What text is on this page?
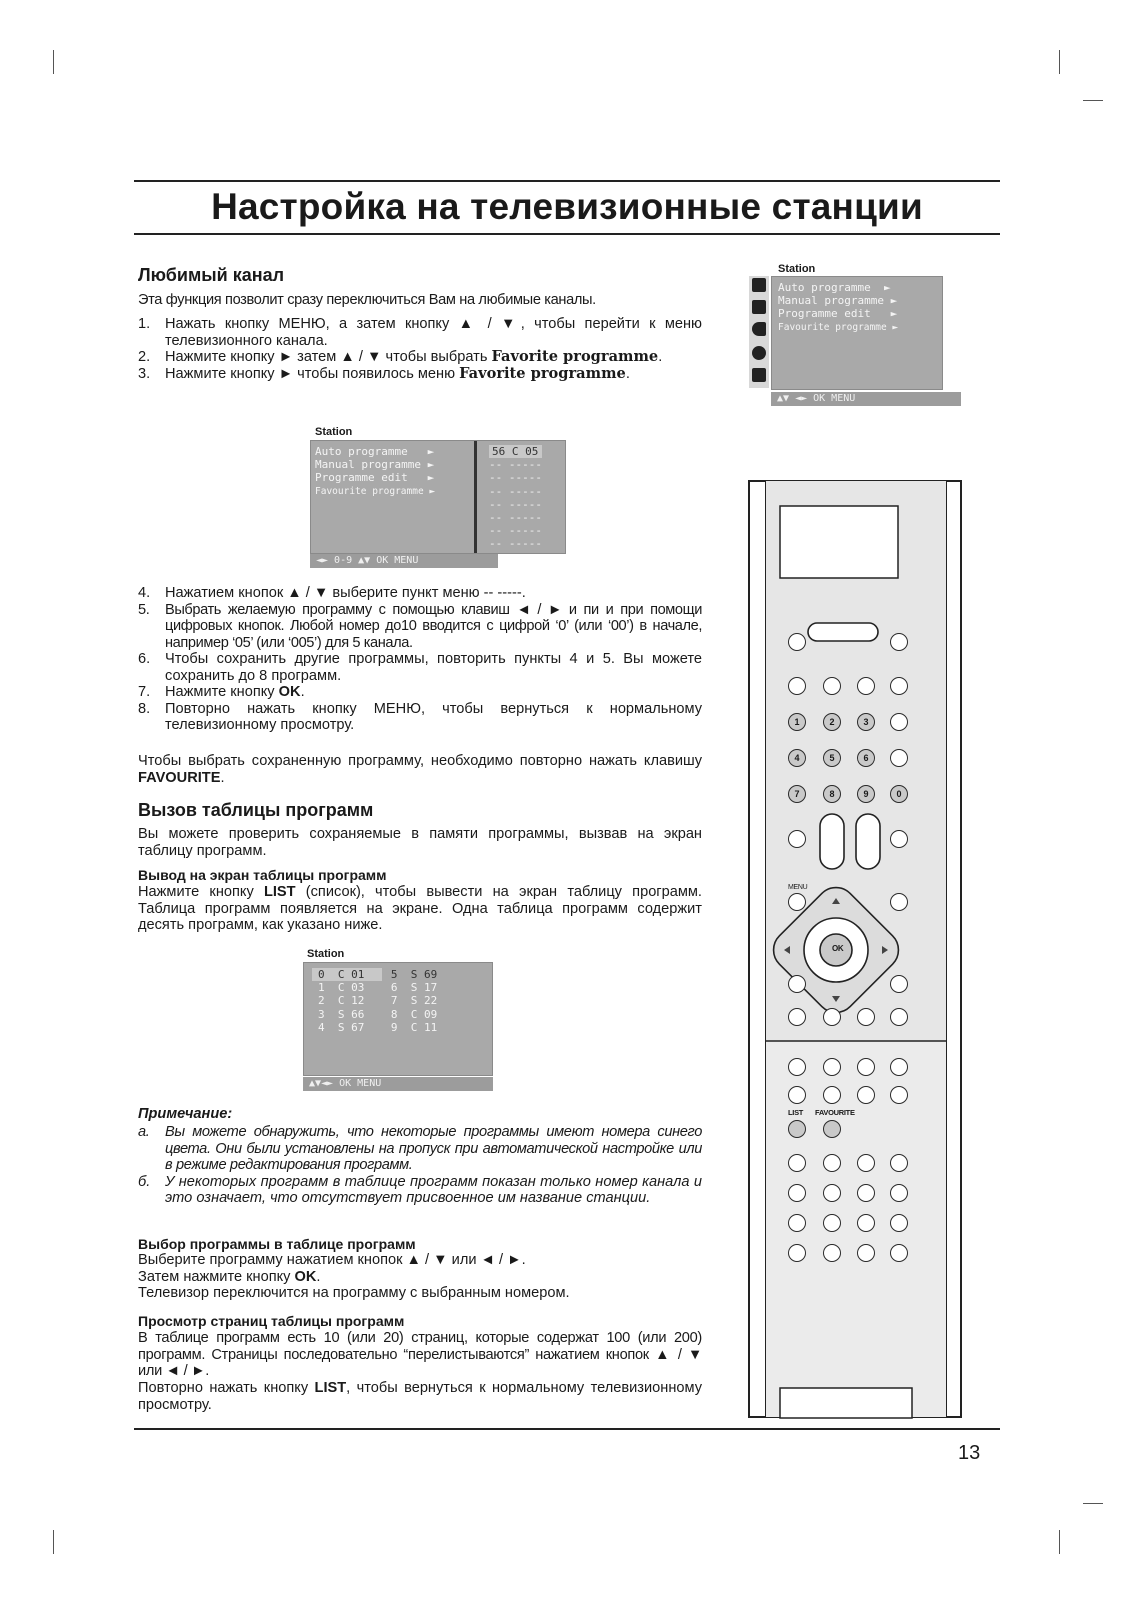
Настройка на телевизионные станции
Любимый канал
Эта функция позволит сразу переключиться Вам на любимые каналы.
1. Нажать кнопку МЕНЮ, а затем кнопку ▲ / ▼, чтобы перейти к меню телевизионного канала.
2. Нажмите кнопку ► затем ▲ / ▼ чтобы выбрать Favorite programme.
3. Нажмите кнопку ► чтобы появилось меню Favorite programme.
Station
Auto programme   ►
Manual programme ►
Programme edit   ►
Favourite programme ►
56 C 05
-- -----
-- -----
-- -----
-- -----
-- -----
-- -----
-- -----
◄► 0-9 ▲▼ OK MENU
4. Нажатием кнопок ▲ / ▼ выберите пункт меню -- -----.
5. Выбрать желаемую программу с помощью клавиш ◄ / ► и пи и при помощи цифровых кнопок. Любой номер до10 вводится с цифрой ‘0’ (или ‘00’) в начале, например ‘05’ (или ‘005’) для 5 канала.
6. Чтобы сохранить другие программы, повторить пункты 4 и 5. Вы можете сохранить до 8 программ.
7. Нажмите кнопку OK.
8. Повторно нажать кнопку МЕНЮ, чтобы вернуться к нормальному телевизионному просмотру.
Чтобы выбрать сохраненную программу, необходимо повторно нажать клавишу FAVOURITE.
Вызов таблицы программ
Вы можете проверить сохраняемые в памяти программы, вызвав на экран таблицу программ.
Вывод на экран таблицы программ
Нажмите кнопку LIST (список), чтобы вывести на экран таблицу программ. Таблица программ появляется на экране. Одна таблица программ содержит десять программ, как указано ниже.
Station
0  C 01    5  S 69
1  C 03    6  S 17
2  C 12    7  S 22
3  S 66    8  C 09
4  S 67    9  C 11
▲▼◄► OK MENU
Примечание:
а. Вы можете обнаружить, что некоторые программы имеют номера синего цвета. Они были установлены на пропуск при автоматической настройке или в режиме редактирования программ.
б. У некоторых программ в таблице программ показан только номер канала и это означает, что отсутствует присвоенное им название станции.
Выбор программы в таблице программ
Выберите программу нажатием кнопок ▲ / ▼ или ◄ / ►.
Затем нажмите кнопку OK.
Телевизор переключится на программу с выбранным номером.
Просмотр страниц таблицы программ
В таблице программ есть 10 (или 20) страниц, которые содержат 100 (или 200) программ. Страницы последовательно “перелистываются” нажатием кнопок ▲ / ▼ или ◄ / ►.
Повторно нажать кнопку LIST, чтобы вернуться к нормальному телевизионному просмотру.
Station
Auto programme  ►
Manual programme ►
Programme edit   ►
Favourite programme ►
▲▼ ◄► OK MENU
OK
MENU
1	2	3
4	5	6
7	8	9	0
LIST FAVOURITE
13
